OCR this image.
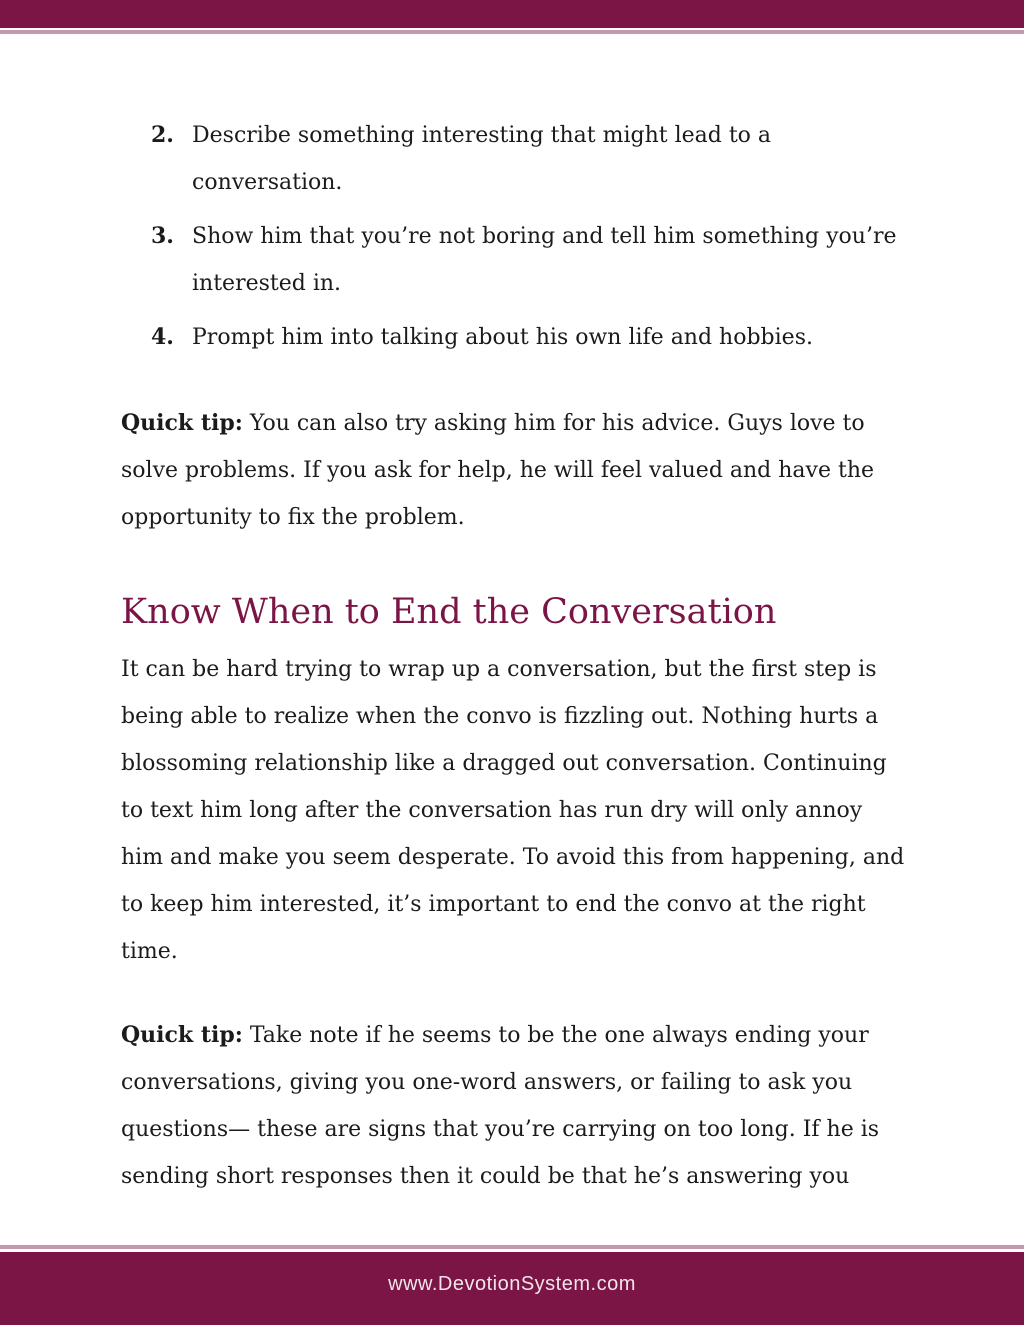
2. Describe something interesting that might lead to a conversation.
3. Show him that you’re not boring and tell him something you’re interested in.
4. Prompt him into talking about his own life and hobbies.

Quick tip: You can also try asking him for his advice. Guys love to solve problems. If you ask for help, he will feel valued and have the opportunity to fix the problem.

Know When to End the Conversation

It can be hard trying to wrap up a conversation, but the first step is being able to realize when the convo is fizzling out. Nothing hurts a blossoming relationship like a dragged out conversation. Continuing to text him long after the conversation has run dry will only annoy him and make you seem desperate. To avoid this from happening, and to keep him interested, it’s important to end the convo at the right time.

Quick tip: Take note if he seems to be the one always ending your conversations, giving you one-word answers, or failing to ask you questions— these are signs that you’re carrying on too long. If he is sending short responses then it could be that he’s answering you

www.DevotionSystem.com
